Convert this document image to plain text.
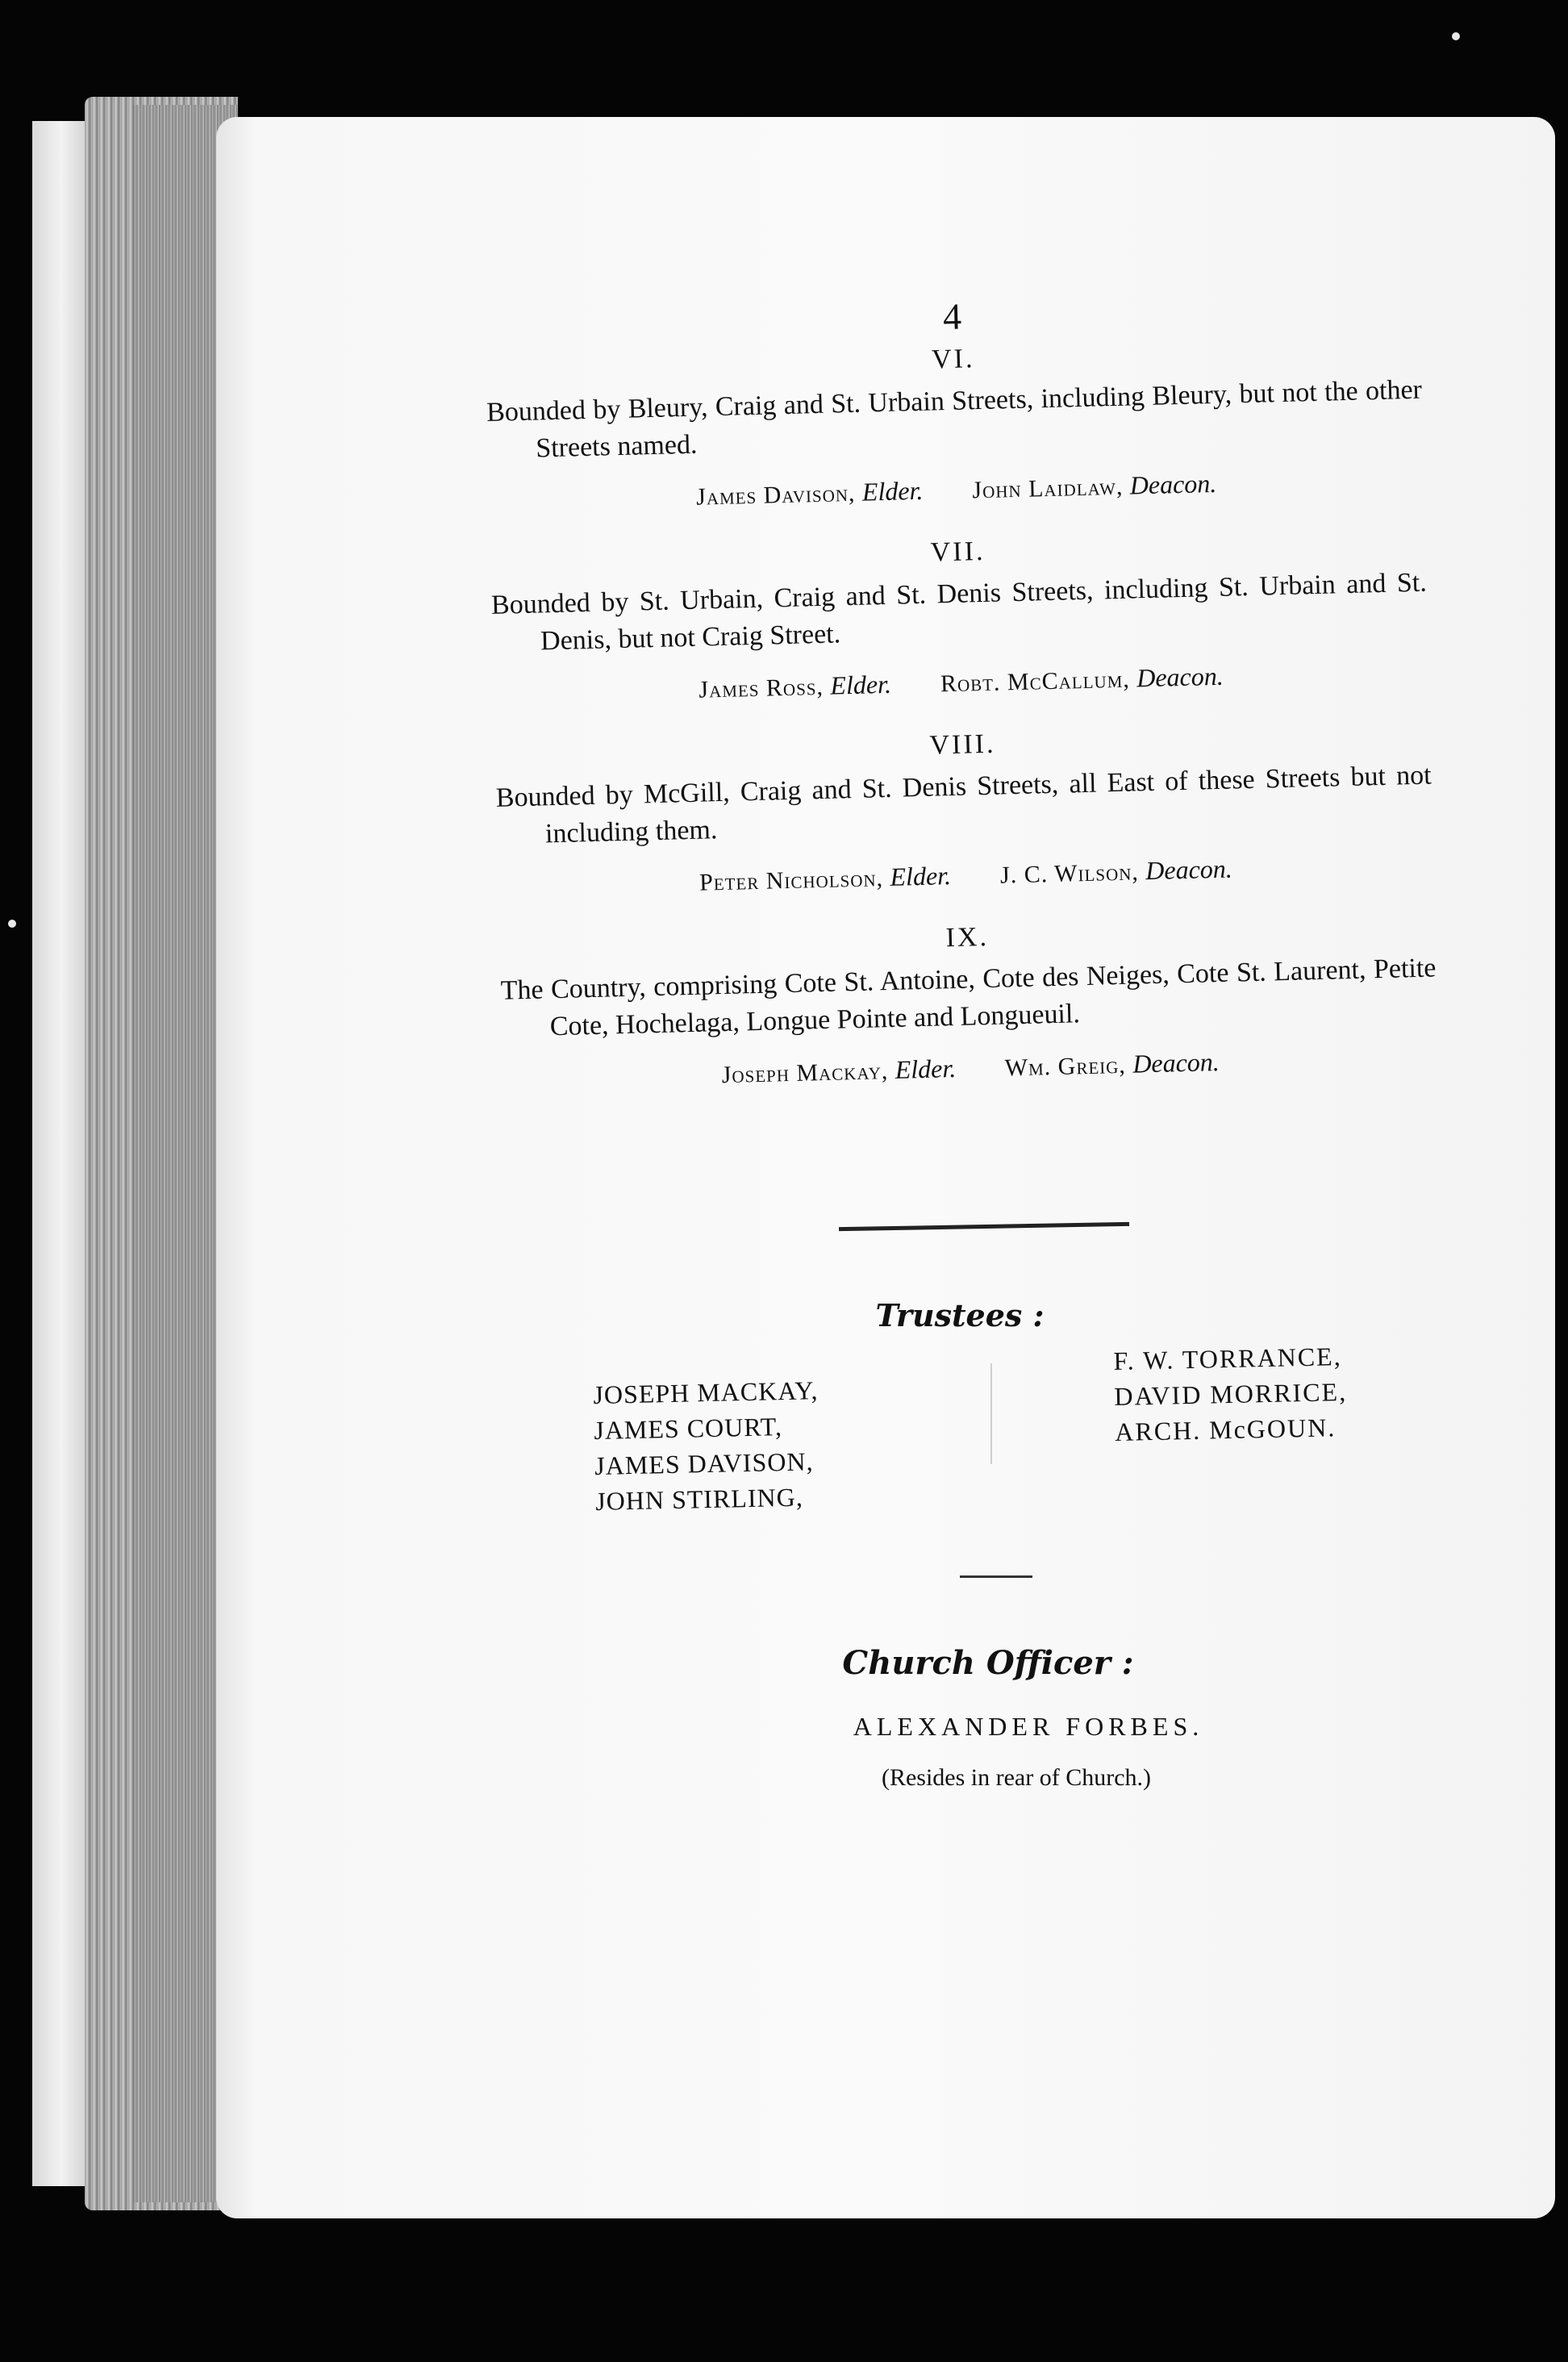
4
VI.

Bounded by Bleury, Craig and St. Urbain Streets, including Bleury, but not the other Streets named.

James Davison, Elder. John Laidlaw, Deacon.
VII.

Bounded by St. Urbain, Craig and St. Denis Streets, including St. Urbain and St. Denis, but not Craig Street.

James Ross, Elder. Robt. McCallum, Deacon.
VIII.

Bounded by McGill, Craig and St. Denis Streets, all East of these Streets but not including them.

Peter Nicholson, Elder. J. C. Wilson, Deacon.
IX.

The Country, comprising Cote St. Antoine, Cote des Neiges, Cote St. Laurent, Petite Cote, Hochelaga, Longue Pointe and Longueuil.

Joseph Mackay, Elder. Wm. Greig, Deacon.
Trustees :
JOSEPH MACKAY,
JAMES COURT,
JAMES DAVISON,
JOHN STIRLING,
F. W. TORRANCE,
DAVID MORRICE,
ARCH. McGOUN.
Church Officer :
ALEXANDER FORBES.
(Resides in rear of Church.)
